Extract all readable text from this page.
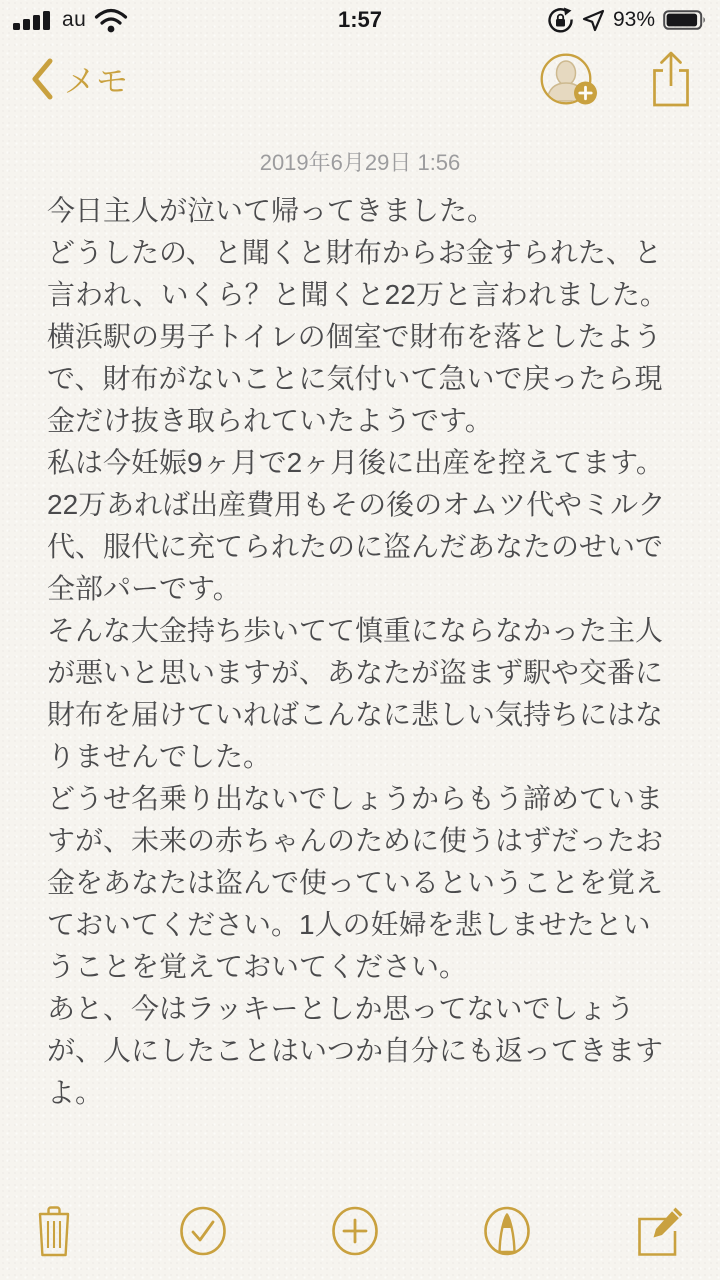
au	1:57	93%
メモ
2019年6月29日 1:56

今日主人が泣いて帰ってきました。

どうしたの、と聞くと財布からお金すられた、と言われ、いくら？と聞くと22万と言われました。

横浜駅の男子トイレの個室で財布を落としたようで、財布がないことに気付いて急いで戻ったら現金だけ抜き取られていたようです。

私は今妊娠9ヶ月で2ヶ月後に出産を控えてます。

22万あれば出産費用もその後のオムツ代やミルク代、服代に充てられたのに盗んだあなたのせいで全部パーです。

そんな大金持ち歩いてて慎重にならなかった主人が悪いと思いますが、あなたが盗まず駅や交番に財布を届けていればこんなに悲しい気持ちにはなりませんでした。

どうせ名乗り出ないでしょうからもう諦めていますが、未来の赤ちゃんのために使うはずだったお金をあなたは盗んで使っているということを覚えておいてください。1人の妊婦を悲しませたということを覚えておいてください。

あと、今はラッキーとしか思ってないでしょうが、人にしたことはいつか自分にも返ってきますよ。
